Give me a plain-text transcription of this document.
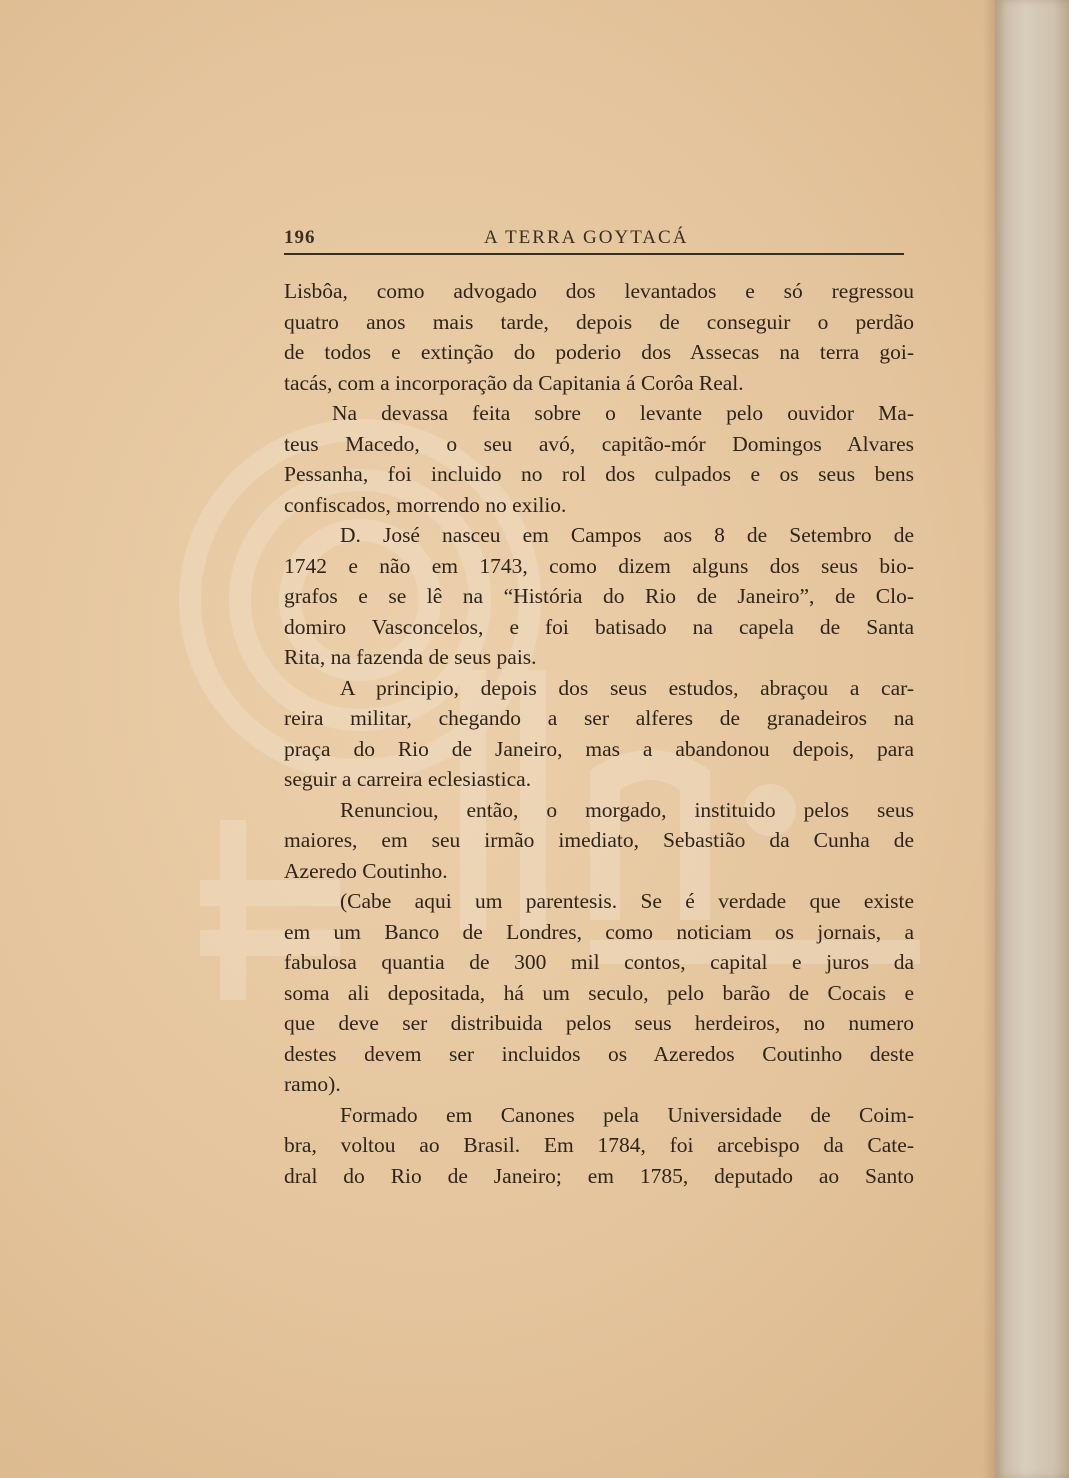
196	A TERRA GOYTACÁ
Lisbôa, como advogado dos levantados e só regressou
quatro anos mais tarde, depois de conseguir o perdão
de todos e extinção do poderio dos Assecas na terra goi-
tacás, com a incorporação da Capitania á Corôa Real.
Na devassa feita sobre o levante pelo ouvidor Ma-
teus Macedo, o seu avó, capitão-mór Domingos Alvares
Pessanha, foi incluido no rol dos culpados e os seus bens
confiscados, morrendo no exilio.
D. José nasceu em Campos aos 8 de Setembro de
1742 e não em 1743, como dizem alguns dos seus bio-
grafos e se lê na “História do Rio de Janeiro”, de Clo-
domiro Vasconcelos, e foi batisado na capela de Santa
Rita, na fazenda de seus pais.
A principio, depois dos seus estudos, abraçou a car-
reira militar, chegando a ser alferes de granadeiros na
praça do Rio de Janeiro, mas a abandonou depois, para
seguir a carreira eclesiastica.
Renunciou, então, o morgado, instituido pelos seus
maiores, em seu irmão imediato, Sebastião da Cunha de
Azeredo Coutinho.
(Cabe aqui um parentesis. Se é verdade que existe
em um Banco de Londres, como noticiam os jornais, a
fabulosa quantia de 300 mil contos, capital e juros da
soma ali depositada, há um seculo, pelo barão de Cocais e
que deve ser distribuida pelos seus herdeiros, no numero
destes devem ser incluidos os Azeredos Coutinho deste
ramo).
Formado em Canones pela Universidade de Coim-
bra, voltou ao Brasil. Em 1784, foi arcebispo da Cate-
dral do Rio de Janeiro; em 1785, deputado ao Santo
